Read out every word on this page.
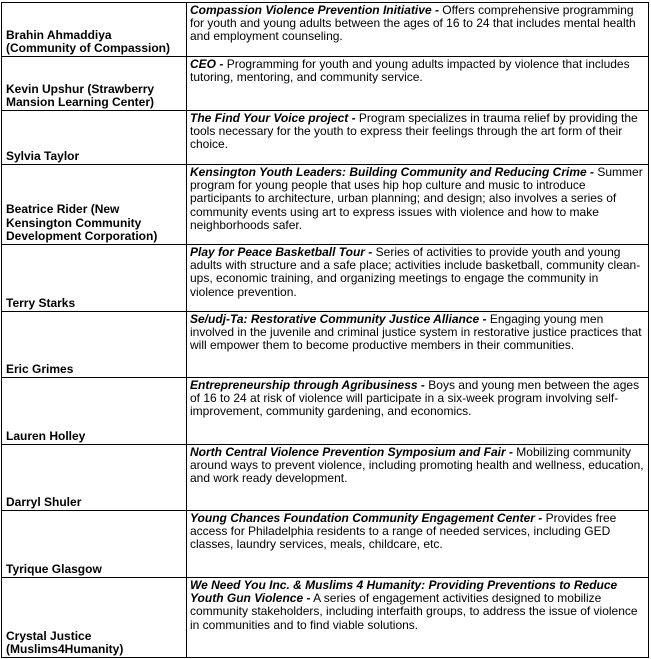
Brahin Ahmaddiya (Community of Compassion)	Compassion Violence Prevention Initiative - Offers comprehensive programming for youth and young adults between the ages of 16 to 24 that includes mental health and employment counseling.
Kevin Upshur (Strawberry Mansion Learning Center)	CEO - Programming for youth and young adults impacted by violence that includes tutoring, mentoring, and community service.
Sylvia Taylor	The Find Your Voice project - Program specializes in trauma relief by providing the tools necessary for the youth to express their feelings through the art form of their choice.
Beatrice Rider (New Kensington Community Development Corporation)	Kensington Youth Leaders: Building Community and Reducing Crime - Summer program for young people that uses hip hop culture and music to introduce participants to architecture, urban planning; and design; also involves a series of community events using art to express issues with violence and how to make neighborhoods safer.
Terry Starks	Play for Peace Basketball Tour - Series of activities to provide youth and young adults with structure and a safe place; activities include basketball, community clean-ups, economic training, and organizing meetings to engage the community in violence prevention.
Eric Grimes	Se/udj-Ta: Restorative Community Justice Alliance - Engaging young men involved in the juvenile and criminal justice system in restorative justice practices that will empower them to become productive members in their communities.
Lauren Holley	Entrepreneurship through Agribusiness - Boys and young men between the ages of 16 to 24 at risk of violence will participate in a six-week program involving self-improvement, community gardening, and economics.
Darryl Shuler	North Central Violence Prevention Symposium and Fair - Mobilizing community around ways to prevent violence, including promoting health and wellness, education, and work ready development.
Tyrique Glasgow	Young Chances Foundation Community Engagement Center - Provides free access for Philadelphia residents to a range of needed services, including GED classes, laundry services, meals, childcare, etc.
Crystal Justice (Muslims4Humanity)	We Need You Inc. & Muslims 4 Humanity: Providing Preventions to Reduce Youth Gun Violence - A series of engagement activities designed to mobilize community stakeholders, including interfaith groups, to address the issue of violence in communities and to find viable solutions.
